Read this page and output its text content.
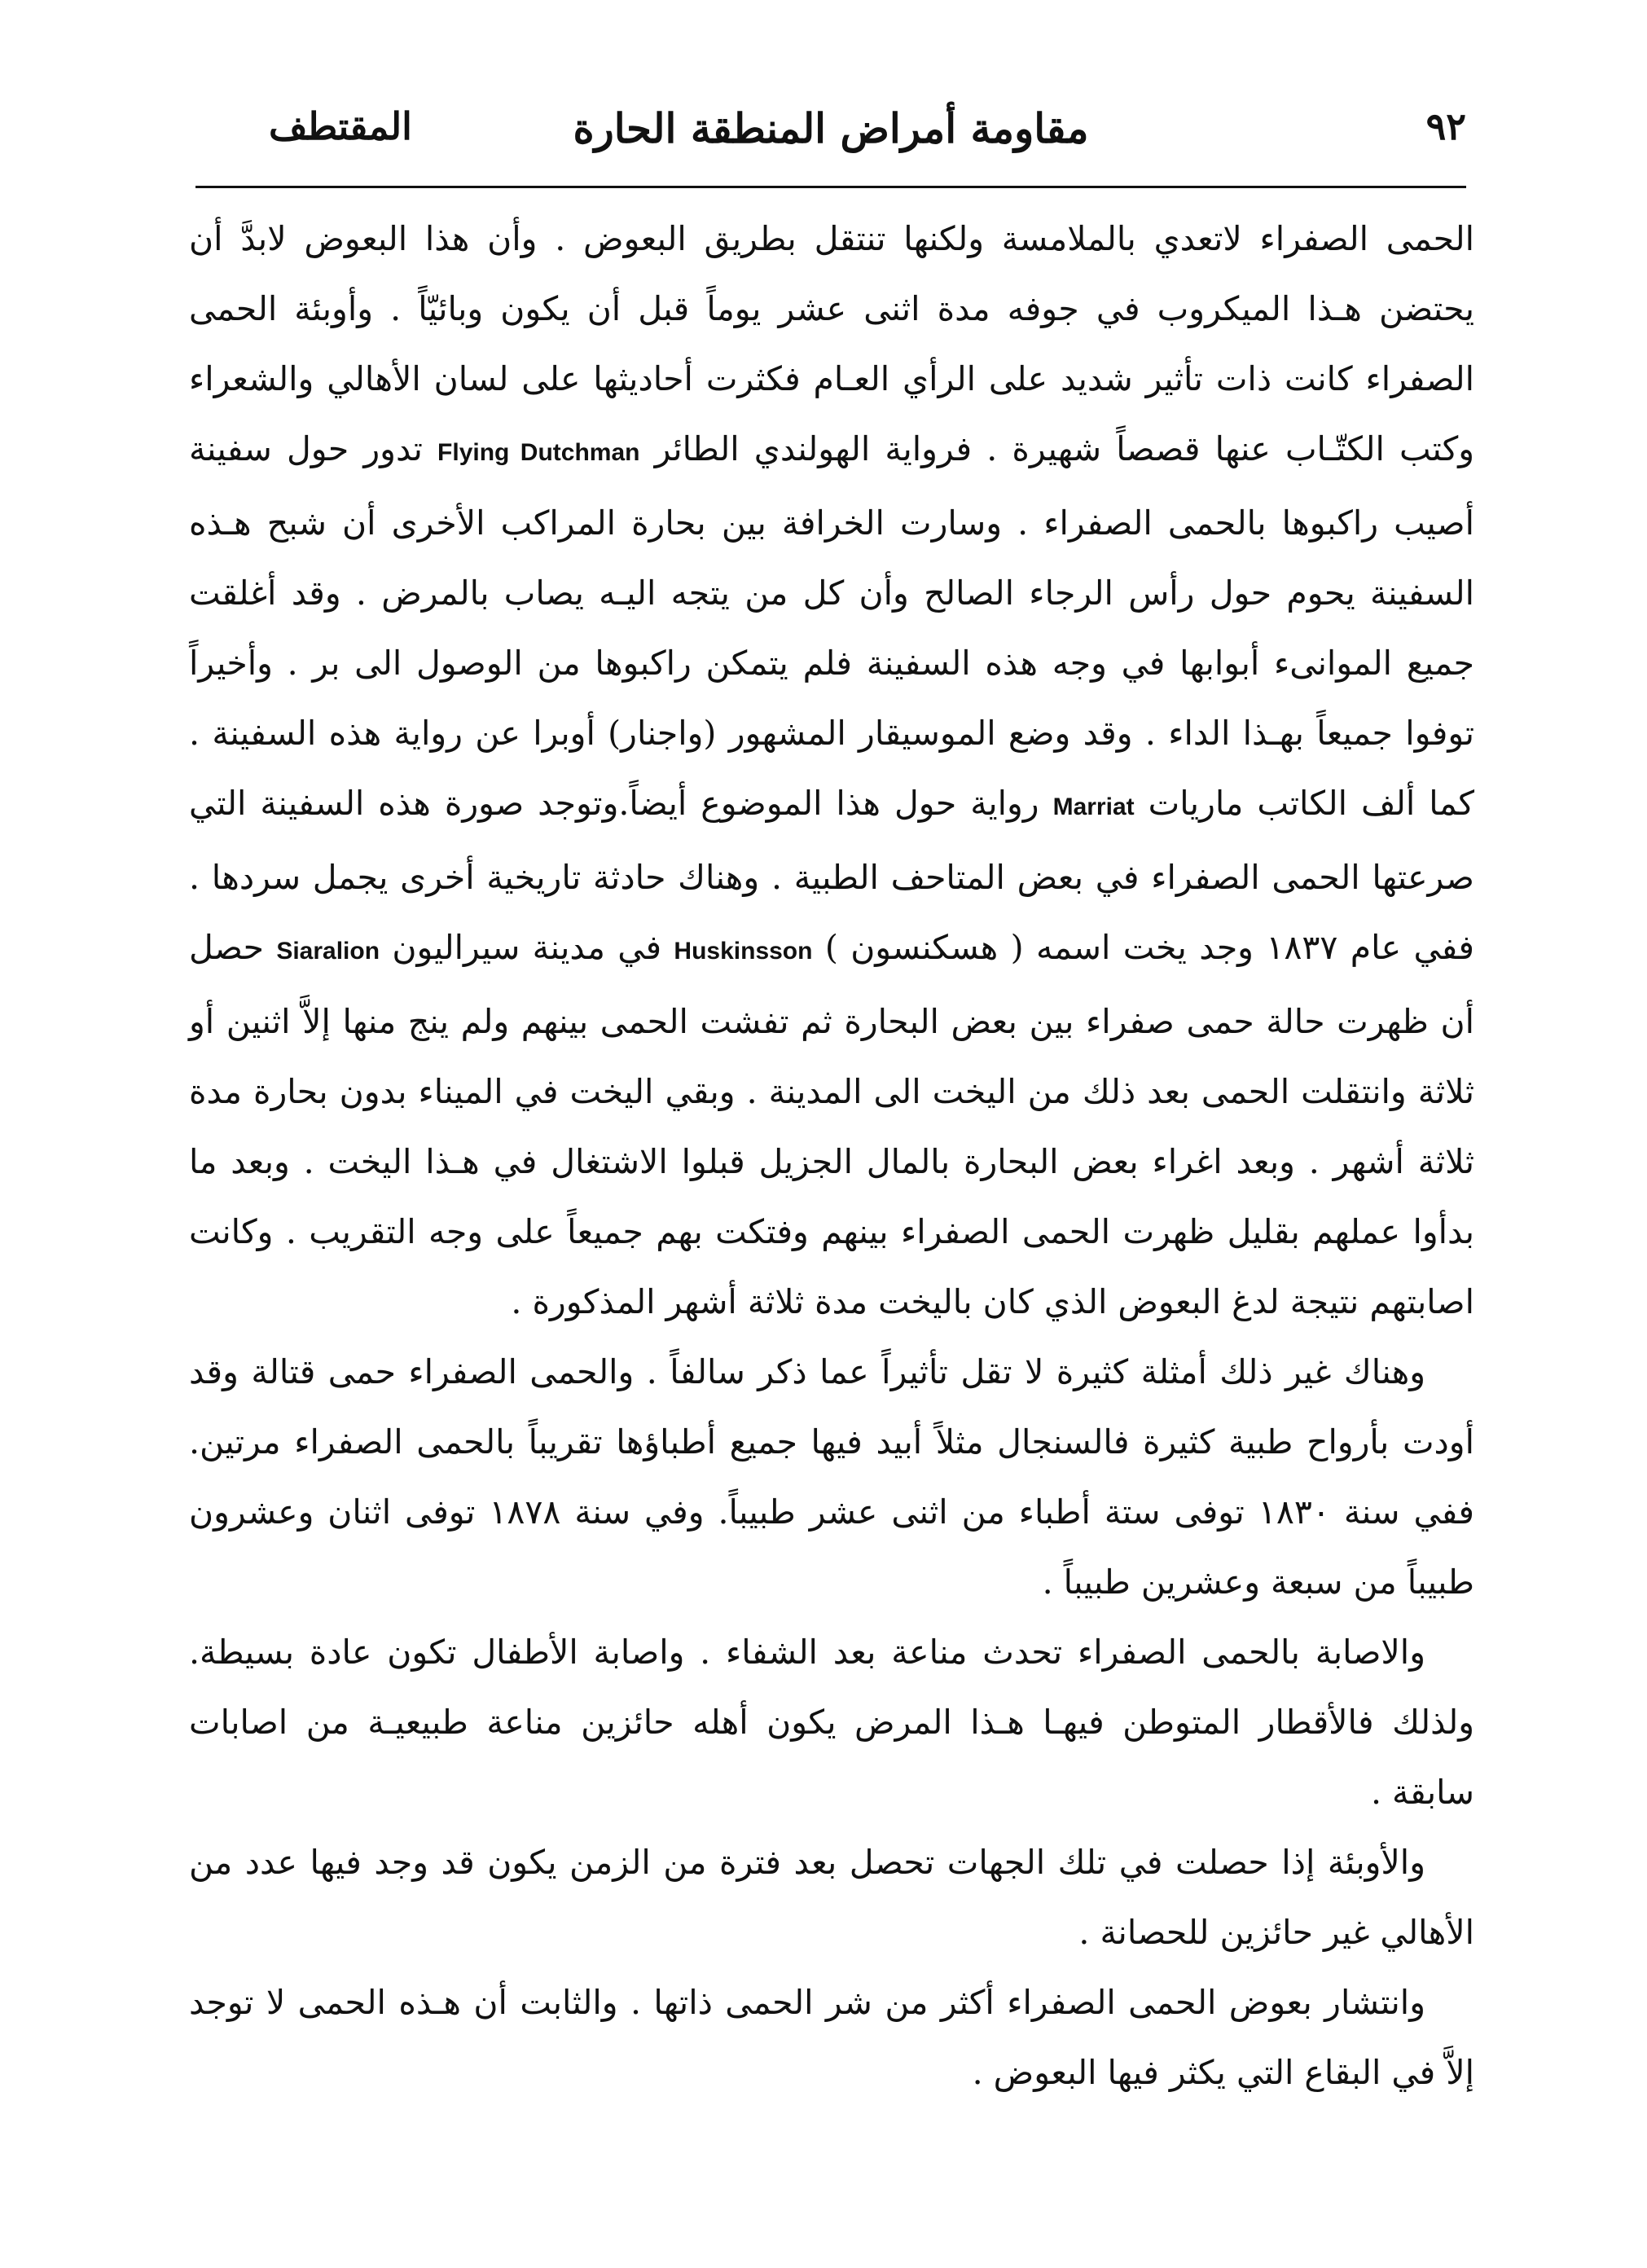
٩٢
مقاومة أمراض المنطقة الحارة
المقتطف

الحمى الصفراء لاتعدي بالملامسة ولكنها تنتقل بطريق البعوض . وأن هذا البعوض لابدَّ أن يحتضن هـذا الميكروب في جوفه مدة اثنى عشر يوماً قبل أن يكون وبائيّاً . وأوبئة الحمى الصفراء كانت ذات تأثير شديد على الرأي العـام فكثرت أحاديثها على لسان الأهالي والشعراء وكتب الكتّـاب عنها قصصاً شهيرة . فرواية الهولندي الطائر Flying Dutchman تدور حول سفينة أصيب راكبوها بالحمى الصفراء . وسارت الخرافة بين بحارة المراكب الأخرى أن شبح هـذه السفينة يحوم حول رأس الرجاء الصالح وأن كل من يتجه اليـه يصاب بالمرض . وقد أغلقت جميع الموانىء أبوابها في وجه هذه السفينة فلم يتمكن راكبوها من الوصول الى بر . وأخيراً توفوا جميعاً بهـذا الداء . وقد وضع الموسيقار المشهور (واجنار) أوبرا عن رواية هذه السفينة . كما ألف الكاتب ماريات Marriat رواية حول هذا الموضوع أيضاً.وتوجد صورة هذه السفينة التي صرعتها الحمى الصفراء في بعض المتاحف الطبية . وهناك حادثة تاريخية أخرى يجمل سردها . ففي عام ١٨٣٧ وجد يخت اسمه ( هسكنسون ) Huskinsson في مدينة سيراليون Siaralion حصل أن ظهرت حالة حمى صفراء بين بعض البحارة ثم تفشت الحمى بينهم ولم ينج منها إلاَّ اثنين أو ثلاثة وانتقلت الحمى بعد ذلك من اليخت الى المدينة . وبقي اليخت في الميناء بدون بحارة مدة ثلاثة أشهر . وبعد اغراء بعض البحارة بالمال الجزيل قبلوا الاشتغال في هـذا اليخت . وبعد ما بدأوا عملهم بقليل ظهرت الحمى الصفراء بينهم وفتكت بهم جميعاً على وجه التقريب . وكانت اصابتهم نتيجة لدغ البعوض الذي كان باليخت مدة ثلاثة أشهر المذكورة .

وهناك غير ذلك أمثلة كثيرة لا تقل تأثيراً عما ذكر سالفاً . والحمى الصفراء حمى قتالة وقد أودت بأرواح طبية كثيرة فالسنجال مثلاً أبيد فيها جميع أطباؤها تقريباً بالحمى الصفراء مرتين. ففي سنة ١٨٣٠ توفى ستة أطباء من اثنى عشر طبيباً. وفي سنة ١٨٧٨ توفى اثنان وعشرون طبيباً من سبعة وعشرين طبيباً .

والاصابة بالحمى الصفراء تحدث مناعة بعد الشفاء . واصابة الأطفال تكون عادة بسيطة. ولذلك فالأقطار المتوطن فيهـا هـذا المرض يكون أهله حائزين مناعة طبيعيـة من اصابات سابقة .

والأوبئة إذا حصلت في تلك الجهات تحصل بعد فترة من الزمن يكون قد وجد فيها عدد من الأهالي غير حائزين للحصانة .

وانتشار بعوض الحمى الصفراء أكثر من شر الحمى ذاتها . والثابت أن هـذه الحمى لا توجد إلاَّ في البقاع التي يكثر فيها البعوض .
